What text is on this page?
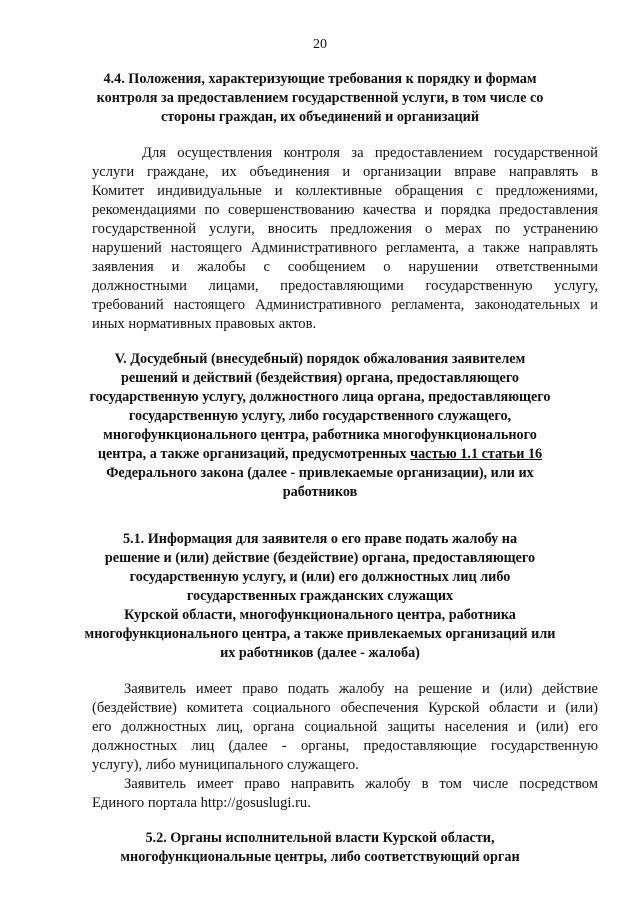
20
4.4. Положения, характеризующие требования к порядку и формам
контроля за предоставлением государственной услуги, в том числе со
стороны граждан, их объединений и организаций
Для осуществления контроля за предоставлением государственной
услуги граждане, их объединения и организации вправе направлять в
Комитет индивидуальные и коллективные обращения с предложениями,
рекомендациями по совершенствованию качества и порядка предоставления
государственной услуги, вносить предложения о мерах по устранению
нарушений настоящего Административного регламента, а также направлять
заявления и жалобы с сообщением о нарушении ответственными
должностными лицами, предоставляющими государственную услугу,
требований настоящего Административного регламента, законодательных и
иных нормативных правовых актов.
V. Досудебный (внесудебный) порядок обжалования заявителем
решений и действий (бездействия) органа, предоставляющего
государственную услугу, должностного лица органа, предоставляющего
государственную услугу, либо государственного служащего,
многофункционального центра, работника многофункционального
центра, а также организаций, предусмотренных частью 1.1 статьи 16
Федерального закона (далее - привлекаемые организации), или их
работников
5.1. Информация для заявителя о его праве подать жалобу на
решение и (или) действие (бездействие) органа, предоставляющего
государственную услугу, и (или) его должностных лиц либо
государственных гражданских служащих
Курской области, многофункционального центра, работника
многофункционального центра, а также привлекаемых организаций или
их работников (далее - жалоба)
Заявитель имеет право подать жалобу на решение и (или) действие
(бездействие) комитета социального обеспечения Курской области и (или)
его должностных лиц, органа социальной защиты населения и (или) его
должностных лиц (далее - органы, предоставляющие государственную
услугу), либо муниципального служащего.
Заявитель имеет право направить жалобу в том числе посредством
Единого портала http://gosuslugi.ru.
5.2. Органы исполнительной власти Курской области,
многофункциональные центры, либо соответствующий орган
